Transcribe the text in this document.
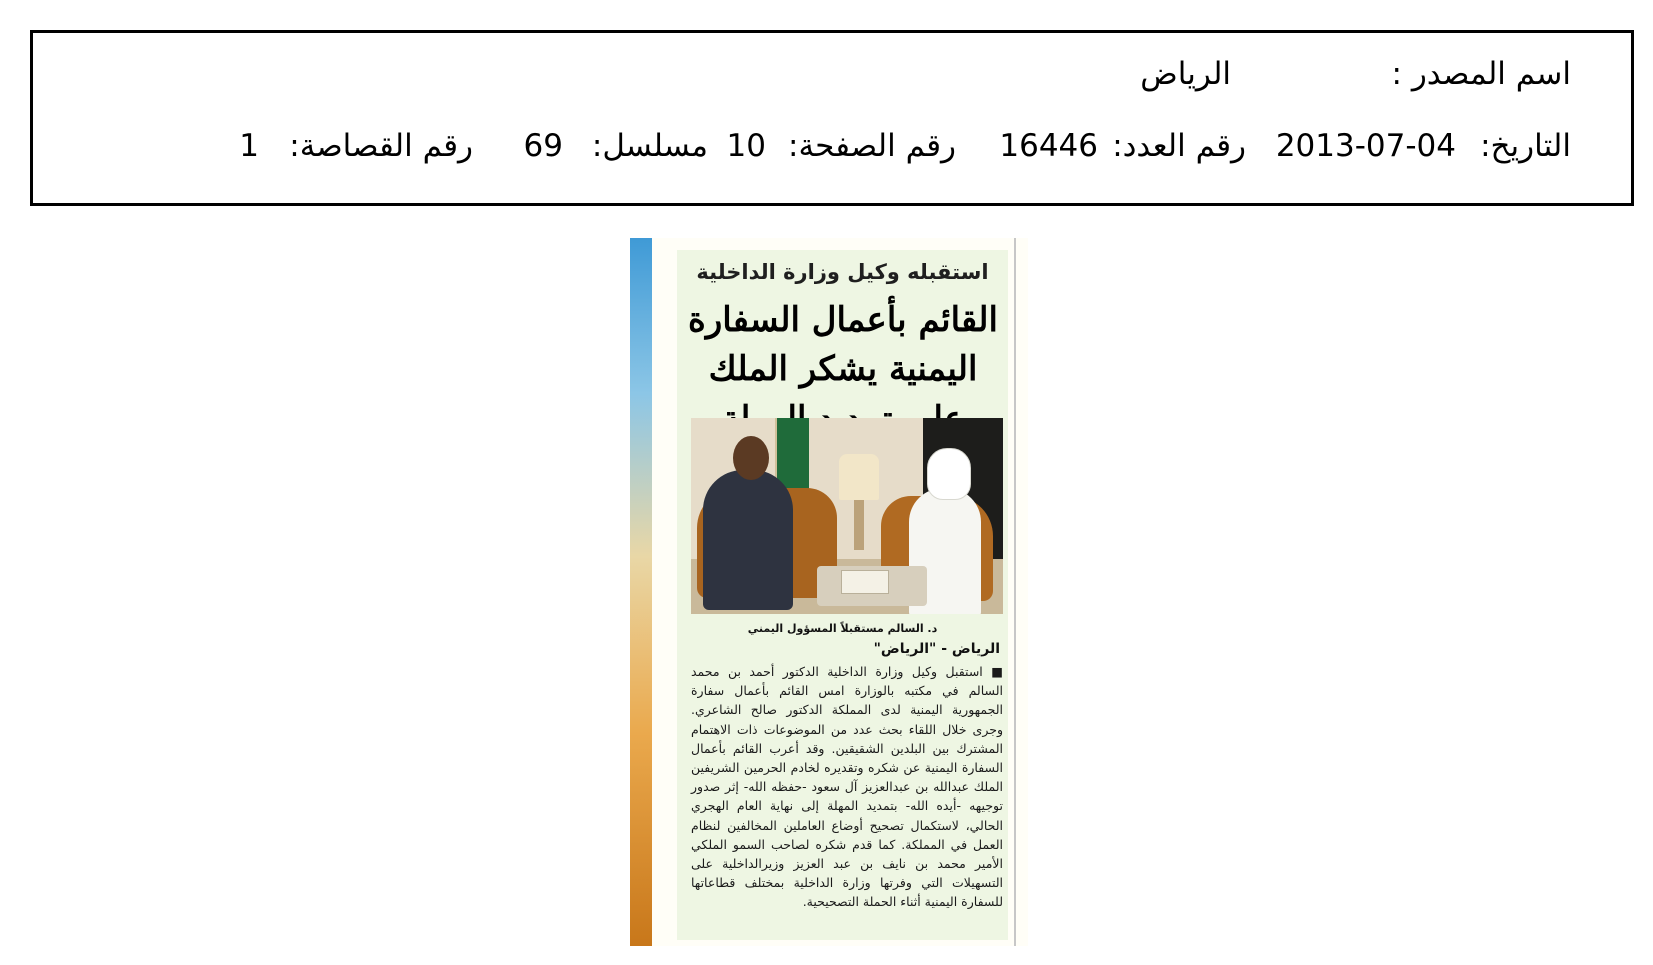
اسم المصدر :
الرياض
التاريخ:
2013-07-04
رقم العدد:
16446
رقم الصفحة:
10
مسلسل:
69
رقم القصاصة:
1
استقبله وكيل وزارة الداخلية
القائم بأعمال السفارة اليمنية يشكر الملك
د. السالم مستقبلاً المسؤول اليمني
الرياض - "الرياض"
■ استقبل وكيل وزارة الداخلية الدكتور أحمد بن محمد السالم في مكتبه بالوزارة امس القائم بأعمال سفارة الجمهورية اليمنية لدى المملكة الدكتور صالح الشاعري. وجرى خلال اللقاء بحث عدد من الموضوعات ذات الاهتمام المشترك بين البلدين الشقيقين. وقد أعرب القائم بأعمال السفارة اليمنية عن شكره وتقديره لخادم الحرمين الشريفين الملك عبدالله بن عبدالعزيز آل سعود -حفظه الله- إثر صدور توجيهه -أيده الله- بتمديد المهلة إلى نهاية العام الهجري الحالي، لاستكمال تصحيح أوضاع العاملين المخالفين لنظام العمل في المملكة. كما قدم شكره لصاحب السمو الملكي الأمير محمد بن نايف بن عبد العزيز وزيرالداخلية على التسهيلات التي وفرتها وزارة الداخلية بمختلف قطاعاتها للسفارة اليمنية أثناء الحملة التصحيحية.
